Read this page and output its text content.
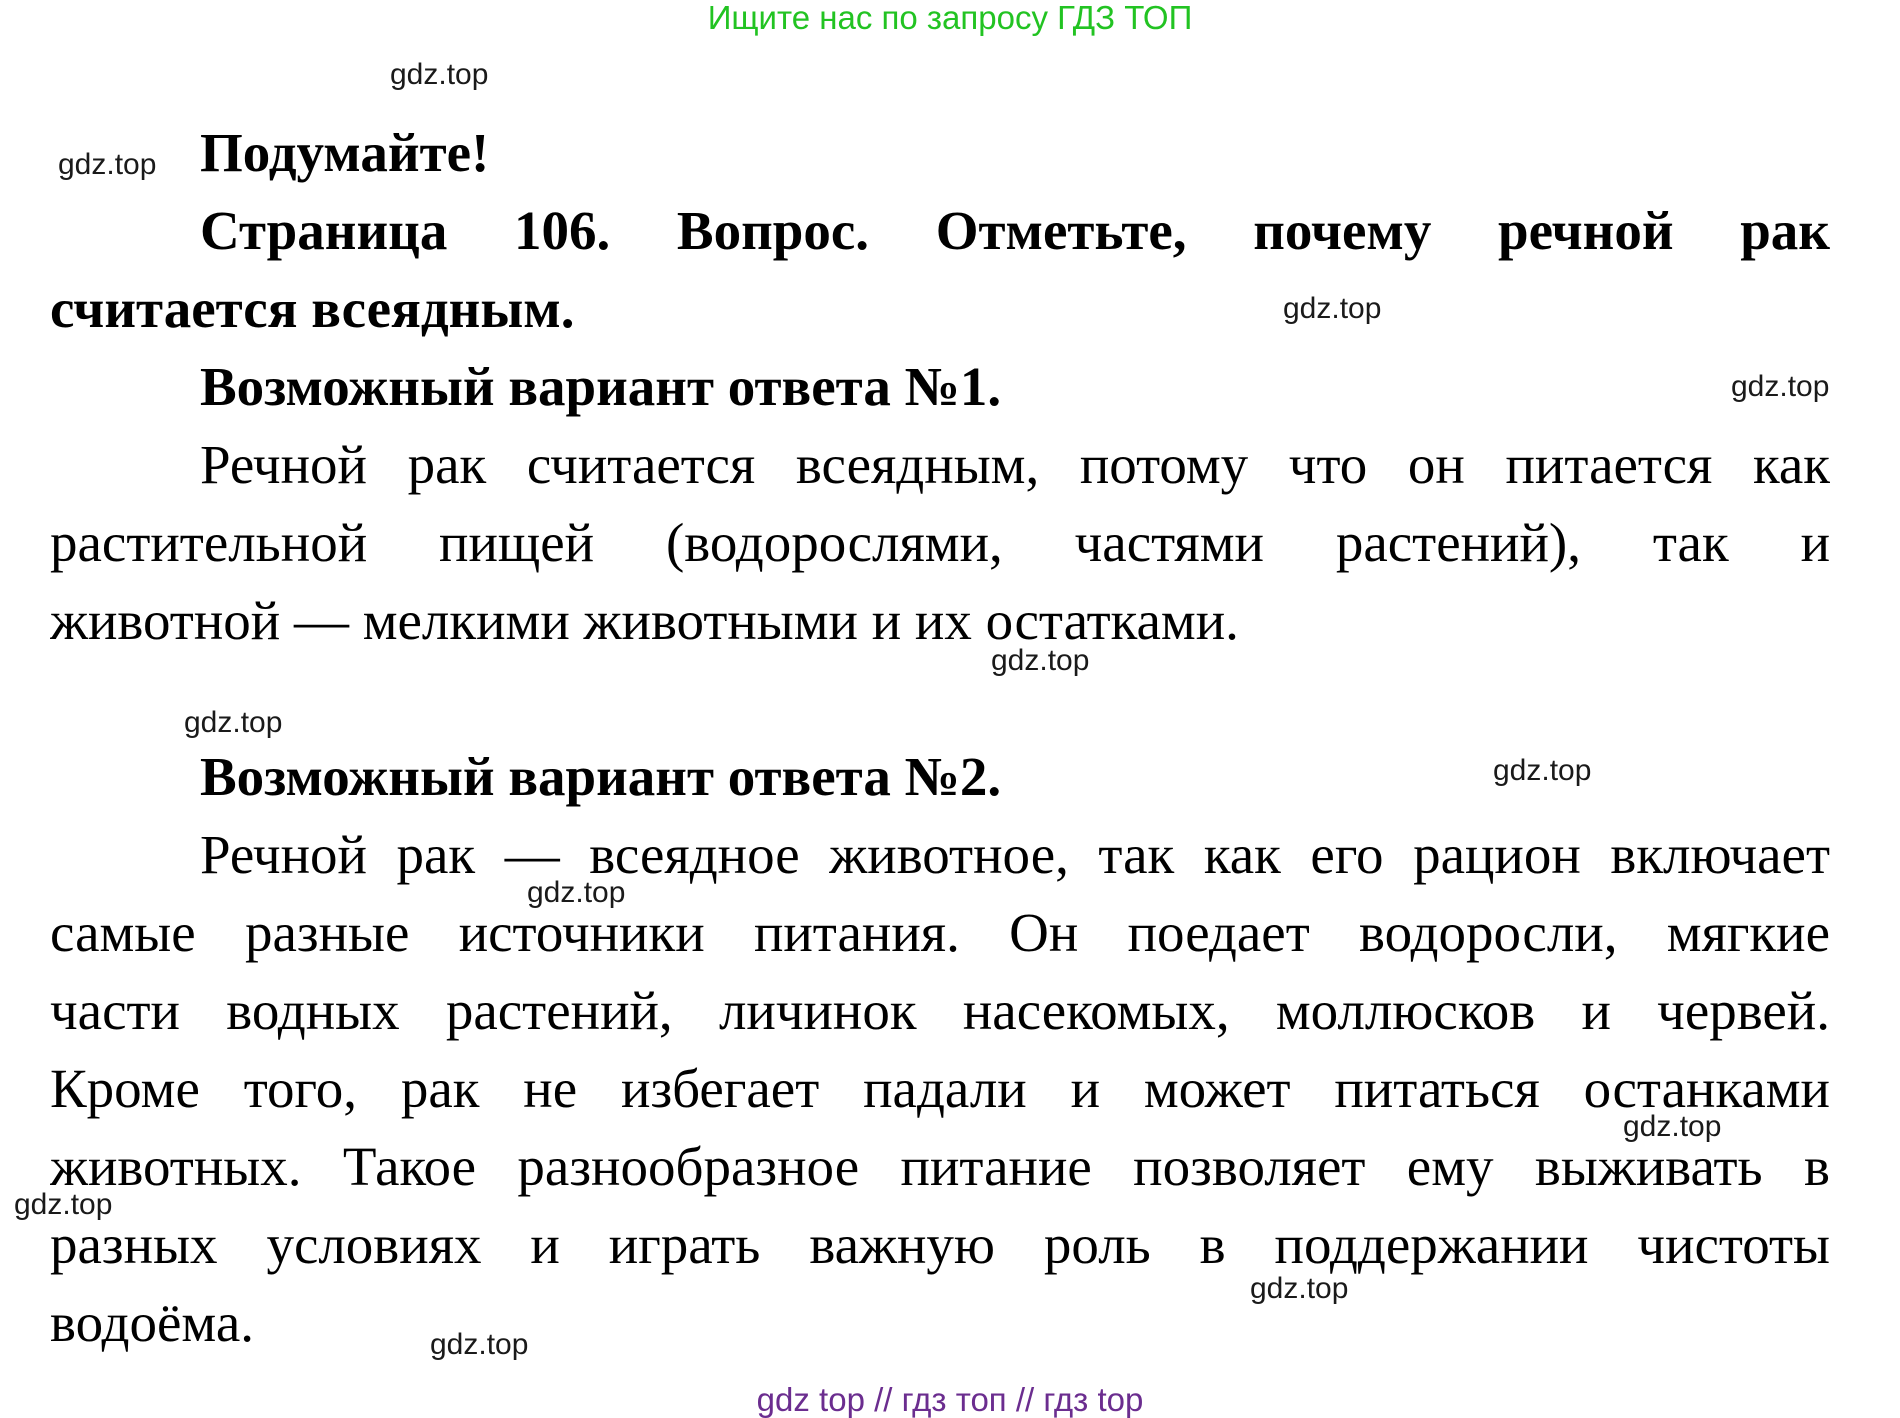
Ищите нас по запросу ГДЗ ТОП
gdz.top
gdz.top
gdz.top
gdz.top
gdz.top
gdz.top
gdz.top
gdz.top
gdz.top
gdz.top
gdz.top
gdz.top
Подумайте!
Страница 106. Вопрос. Отметьте, почему речной рак
считается всеядным.
Возможный вариант ответа №1.
Речной рак считается всеядным, потому что он питается как
растительной пищей (водорослями, частями растений), так и
животной — мелкими животными и их остатками.
Возможный вариант ответа №2.
Речной рак — всеядное животное, так как его рацион включает
самые разные источники питания. Он поедает водоросли, мягкие
части водных растений, личинок насекомых, моллюсков и червей.
Кроме того, рак не избегает падали и может питаться останками
животных. Такое разнообразное питание позволяет ему выживать в
разных условиях и играть важную роль в поддержании чистоты
водоёма.
gdz top // гдз топ // гдз top
